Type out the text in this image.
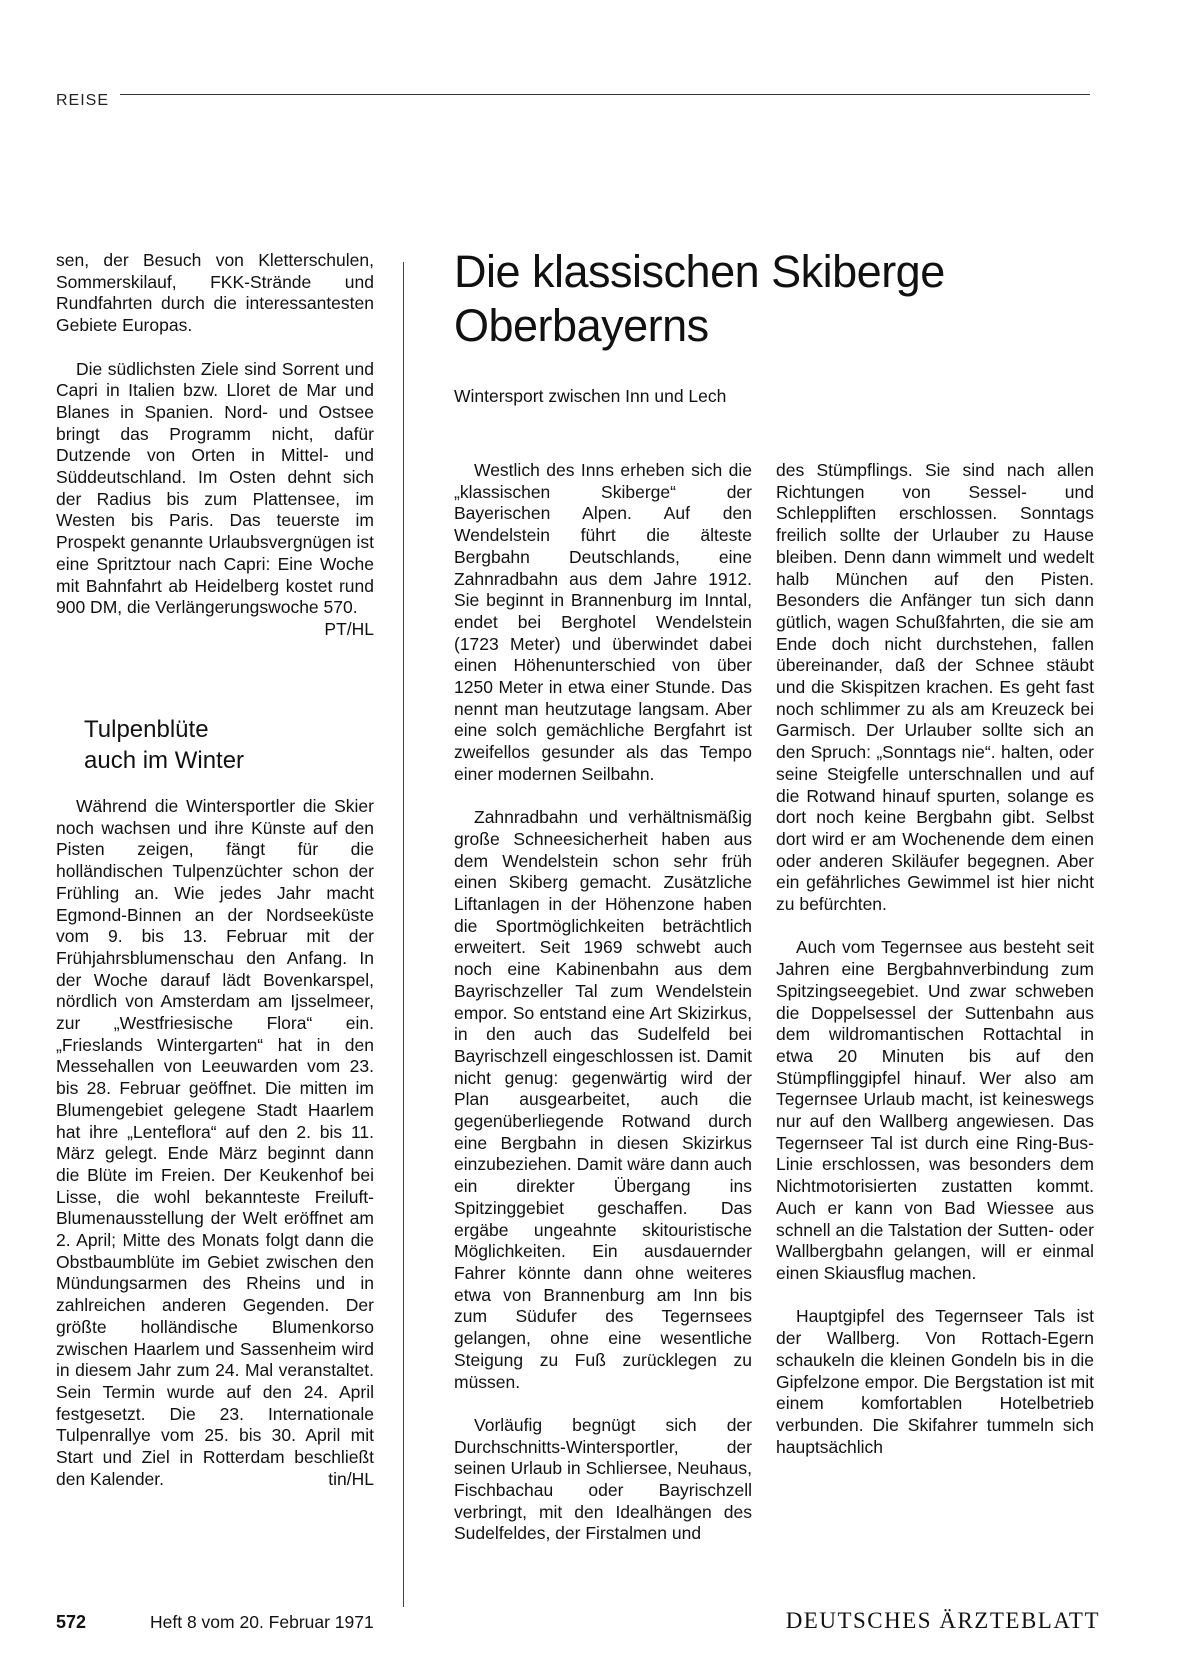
REISE

sen, der Besuch von Kletterschulen, Sommerskilauf, FKK-Strände und Rundfahrten durch die interessantesten Gebiete Europas.

Die südlichsten Ziele sind Sorrent und Capri in Italien bzw. Lloret de Mar und Blanes in Spanien. Nord- und Ostsee bringt das Programm nicht, dafür Dutzende von Orten in Mittel- und Süddeutschland. Im Osten dehnt sich der Radius bis zum Plattensee, im Westen bis Paris. Das teuerste im Prospekt genannte Urlaubsvergnügen ist eine Spritztour nach Capri: Eine Woche mit Bahnfahrt ab Heidelberg kostet rund 900 DM, die Verlängerungswoche 570.
PT/HL

Tulpenblüte
auch im Winter

Während die Wintersportler die Skier noch wachsen und ihre Künste auf den Pisten zeigen, fängt für die holländischen Tulpenzüchter schon der Frühling an. Wie jedes Jahr macht Egmond-Binnen an der Nordseeküste vom 9. bis 13. Februar mit der Frühjahrsblumenschau den Anfang. In der Woche darauf lädt Bovenkarspel, nördlich von Amsterdam am Ijsselmeer, zur „Westfriesische Flora“ ein. „Frieslands Wintergarten“ hat in den Messehallen von Leeuwarden vom 23. bis 28. Februar geöffnet. Die mitten im Blumengebiet gelegene Stadt Haarlem hat ihre „Lenteflora“ auf den 2. bis 11. März gelegt. Ende März beginnt dann die Blüte im Freien. Der Keukenhof bei Lisse, die wohl bekannteste Freiluft-Blumenausstellung der Welt eröffnet am 2. April; Mitte des Monats folgt dann die Obstbaumblüte im Gebiet zwischen den Mündungsarmen des Rheins und in zahlreichen anderen Gegenden. Der größte holländische Blumenkorso zwischen Haarlem und Sassenheim wird in diesem Jahr zum 24. Mal veranstaltet. Sein Termin wurde auf den 24. April festgesetzt. Die 23. Internationale Tulpenrallye vom 25. bis 30. April mit Start und Ziel in Rotterdam beschließt den Kalender.	tin/HL

Die klassischen Skiberge
Oberbayerns

Wintersport zwischen Inn und Lech

Westlich des Inns erheben sich die „klassischen Skiberge“ der Bayerischen Alpen. Auf den Wendelstein führt die älteste Bergbahn Deutschlands, eine Zahnradbahn aus dem Jahre 1912. Sie beginnt in Brannenburg im Inntal, endet bei Berghotel Wendelstein (1723 Meter) und überwindet dabei einen Höhenunterschied von über 1250 Meter in etwa einer Stunde. Das nennt man heutzutage langsam. Aber eine solch gemächliche Bergfahrt ist zweifellos gesunder als das Tempo einer modernen Seilbahn.

Zahnradbahn und verhältnismäßig große Schneesicherheit haben aus dem Wendelstein schon sehr früh einen Skiberg gemacht. Zusätzliche Liftanlagen in der Höhenzone haben die Sportmöglichkeiten beträchtlich erweitert. Seit 1969 schwebt auch noch eine Kabinenbahn aus dem Bayrischzeller Tal zum Wendelstein empor. So entstand eine Art Skizirkus, in den auch das Sudelfeld bei Bayrischzell eingeschlossen ist. Damit nicht genug: gegenwärtig wird der Plan ausgearbeitet, auch die gegenüberliegende Rotwand durch eine Bergbahn in diesen Skizirkus einzubeziehen. Damit wäre dann auch ein direkter Übergang ins Spitzinggebiet geschaffen. Das ergäbe ungeahnte skitouristische Möglichkeiten. Ein ausdauernder Fahrer könnte dann ohne weiteres etwa von Brannenburg am Inn bis zum Südufer des Tegernsees gelangen, ohne eine wesentliche Steigung zu Fuß zurücklegen zu müssen.

Vorläufig begnügt sich der Durchschnitts-Wintersportler, der seinen Urlaub in Schliersee, Neuhaus, Fischbachau oder Bayrischzell verbringt, mit den Idealhängen des Sudelfeldes, der Firstalmen und

des Stümpflings. Sie sind nach allen Richtungen von Sessel- und Schleppliften erschlossen. Sonntags freilich sollte der Urlauber zu Hause bleiben. Denn dann wimmelt und wedelt halb München auf den Pisten. Besonders die Anfänger tun sich dann gütlich, wagen Schußfahrten, die sie am Ende doch nicht durchstehen, fallen übereinander, daß der Schnee stäubt und die Skispitzen krachen. Es geht fast noch schlimmer zu als am Kreuzeck bei Garmisch. Der Urlauber sollte sich an den Spruch: „Sonntags nie“. halten, oder seine Steigfelle unterschnallen und auf die Rotwand hinauf spurten, solange es dort noch keine Bergbahn gibt. Selbst dort wird er am Wochenende dem einen oder anderen Skiläufer begegnen. Aber ein gefährliches Gewimmel ist hier nicht zu befürchten.

Auch vom Tegernsee aus besteht seit Jahren eine Bergbahnverbindung zum Spitzingseegebiet. Und zwar schweben die Doppelsessel der Suttenbahn aus dem wildromantischen Rottachtal in etwa 20 Minuten bis auf den Stümpflinggipfel hinauf. Wer also am Tegernsee Urlaub macht, ist keineswegs nur auf den Wallberg angewiesen. Das Tegernseer Tal ist durch eine Ring-Bus-Linie erschlossen, was besonders dem Nichtmotorisierten zustatten kommt. Auch er kann von Bad Wiessee aus schnell an die Talstation der Sutten- oder Wallbergbahn gelangen, will er einmal einen Skiausflug machen.

Hauptgipfel des Tegernseer Tals ist der Wallberg. Von Rottach-Egern schaukeln die kleinen Gondeln bis in die Gipfelzone empor. Die Bergstation ist mit einem komfortablen Hotelbetrieb verbunden. Die Skifahrer tummeln sich hauptsächlich

572	Heft 8 vom 20. Februar 1971	DEUTSCHES ÄRZTEBLATT
